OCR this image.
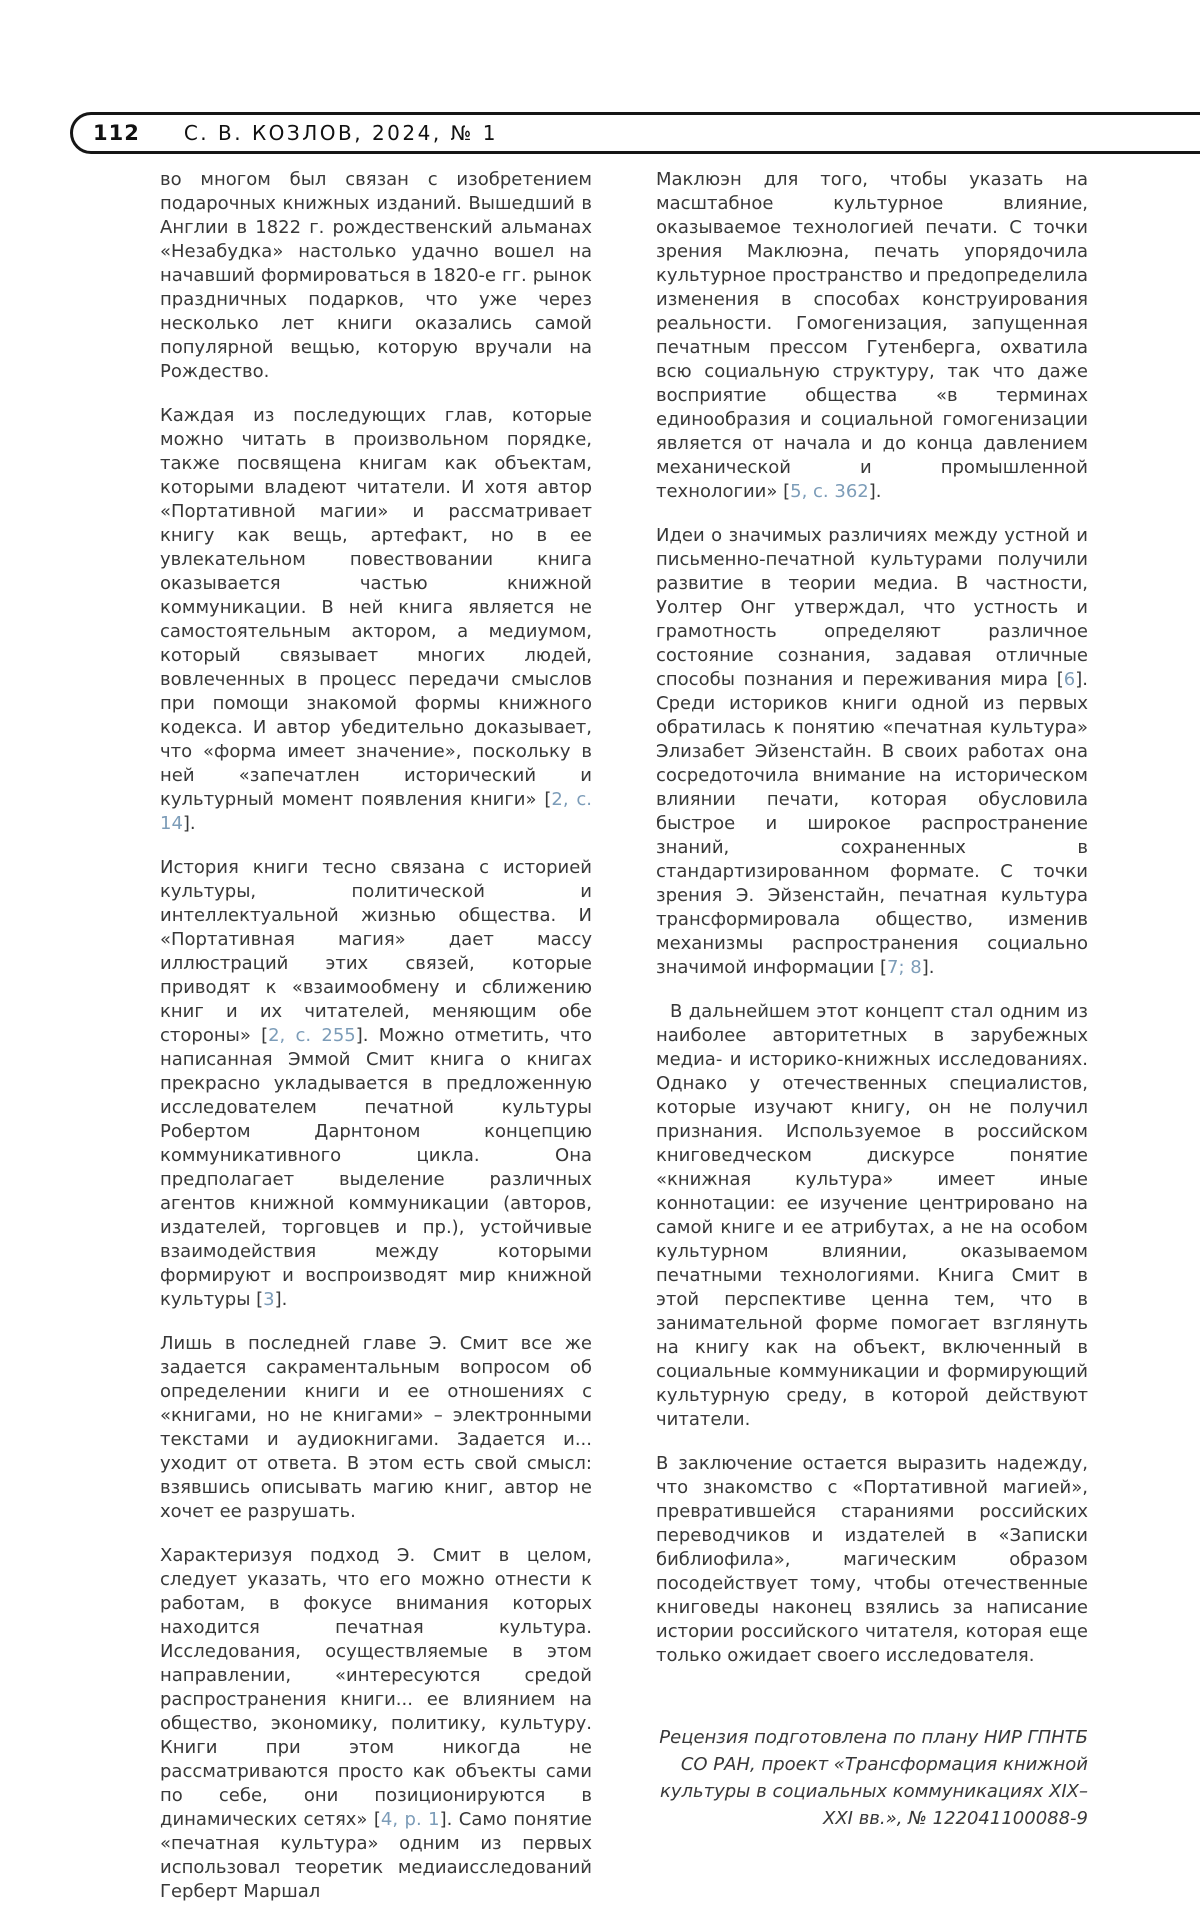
112 С. В. КОЗЛОВ, 2024, № 1

во многом был связан с изобретением подарочных книжных изданий. Вышедший в Англии в 1822 г. рождественский альманах «Незабудка» настолько удачно вошел на начавший формироваться в 1820-е гг. рынок праздничных подарков, что уже через несколько лет книги оказались самой популярной вещью, которую вручали на Рождество.

Каждая из последующих глав, которые можно читать в произвольном порядке, также посвящена книгам как объектам, которыми владеют читатели. И хотя автор «Портативной магии» и рассматривает книгу как вещь, артефакт, но в ее увлекательном повествовании книга оказывается частью книжной коммуникации. В ней книга является не самостоятельным актором, а медиумом, который связывает многих людей, вовлеченных в процесс передачи смыслов при помощи знакомой формы книжного кодекса. И автор убедительно доказывает, что «форма имеет значение», поскольку в ней «запечатлен исторический и культурный момент появления книги» [2, с. 14].

История книги тесно связана с историей культуры, политической и интеллектуальной жизнью общества. И «Портативная магия» дает массу иллюстраций этих связей, которые приводят к «взаимообмену и сближению книг и их читателей, меняющим обе стороны» [2, с. 255]. Можно отметить, что написанная Эммой Смит книга о книгах прекрасно укладывается в предложенную исследователем печатной культуры Робертом Дарнтоном концепцию коммуникативного цикла. Она предполагает выделение различных агентов книжной коммуникации (авторов, издателей, торговцев и пр.), устойчивые взаимодействия между которыми формируют и воспроизводят мир книжной культуры [3].

Лишь в последней главе Э. Смит все же задается сакраментальным вопросом об определении книги и ее отношениях с «книгами, но не книгами» – электронными текстами и аудиокнигами. Задается и... уходит от ответа. В этом есть свой смысл: взявшись описывать магию книг, автор не хочет ее разрушать.

Характеризуя подход Э. Смит в целом, следует указать, что его можно отнести к работам, в фокусе внимания которых находится печатная культура. Исследования, осуществляемые в этом направлении, «интересуются средой распространения книги... ее влиянием на общество, экономику, политику, культуру. Книги при этом никогда не рассматриваются просто как объекты сами по себе, они позиционируются в динамических сетях» [4, p. 1]. Само понятие «печатная культура» одним из первых использовал теоретик медиаисследований Герберт Маршал

Маклюэн для того, чтобы указать на масштабное культурное влияние, оказываемое технологией печати. С точки зрения Маклюэна, печать упорядочила культурное пространство и предопределила изменения в способах конструирования реальности. Гомогенизация, запущенная печатным прессом Гутенберга, охватила всю социальную структуру, так что даже восприятие общества «в терминах единообразия и социальной гомогенизации является от начала и до конца давлением механической и промышленной технологии» [5, с. 362].

Идеи о значимых различиях между устной и письменно-печатной культурами получили развитие в теории медиа. В частности, Уолтер Онг утверждал, что устность и грамотность определяют различное состояние сознания, задавая отличные способы познания и переживания мира [6]. Среди историков книги одной из первых обратилась к понятию «печатная культура» Элизабет Эйзенстайн. В своих работах она сосредоточила внимание на историческом влиянии печати, которая обусловила быстрое и широкое распространение знаний, сохраненных в стандартизированном формате. С точки зрения Э. Эйзенстайн, печатная культура трансформировала общество, изменив механизмы распространения социально значимой информации [7; 8].

В дальнейшем этот концепт стал одним из наиболее авторитетных в зарубежных медиа- и историко-книжных исследованиях. Однако у отечественных специалистов, которые изучают книгу, он не получил признания. Используемое в российском книговедческом дискурсе понятие «книжная культура» имеет иные коннотации: ее изучение центрировано на самой книге и ее атрибутах, а не на особом культурном влиянии, оказываемом печатными технологиями. Книга Смит в этой перспективе ценна тем, что в занимательной форме помогает взглянуть на книгу как на объект, включенный в социальные коммуникации и формирующий культурную среду, в которой действуют читатели.

В заключение остается выразить надежду, что знакомство с «Портативной магией», превратившейся стараниями российских переводчиков и издателей в «Записки библиофила», магическим образом посодействует тому, чтобы отечественные книговеды наконец взялись за написание истории российского читателя, которая еще только ожидает своего исследователя.

Рецензия подготовлена по плану НИР ГПНТБ СО РАН, проект «Трансформация книжной культуры в социальных коммуникациях XIX–XXI вв.», № 122041100088-9
